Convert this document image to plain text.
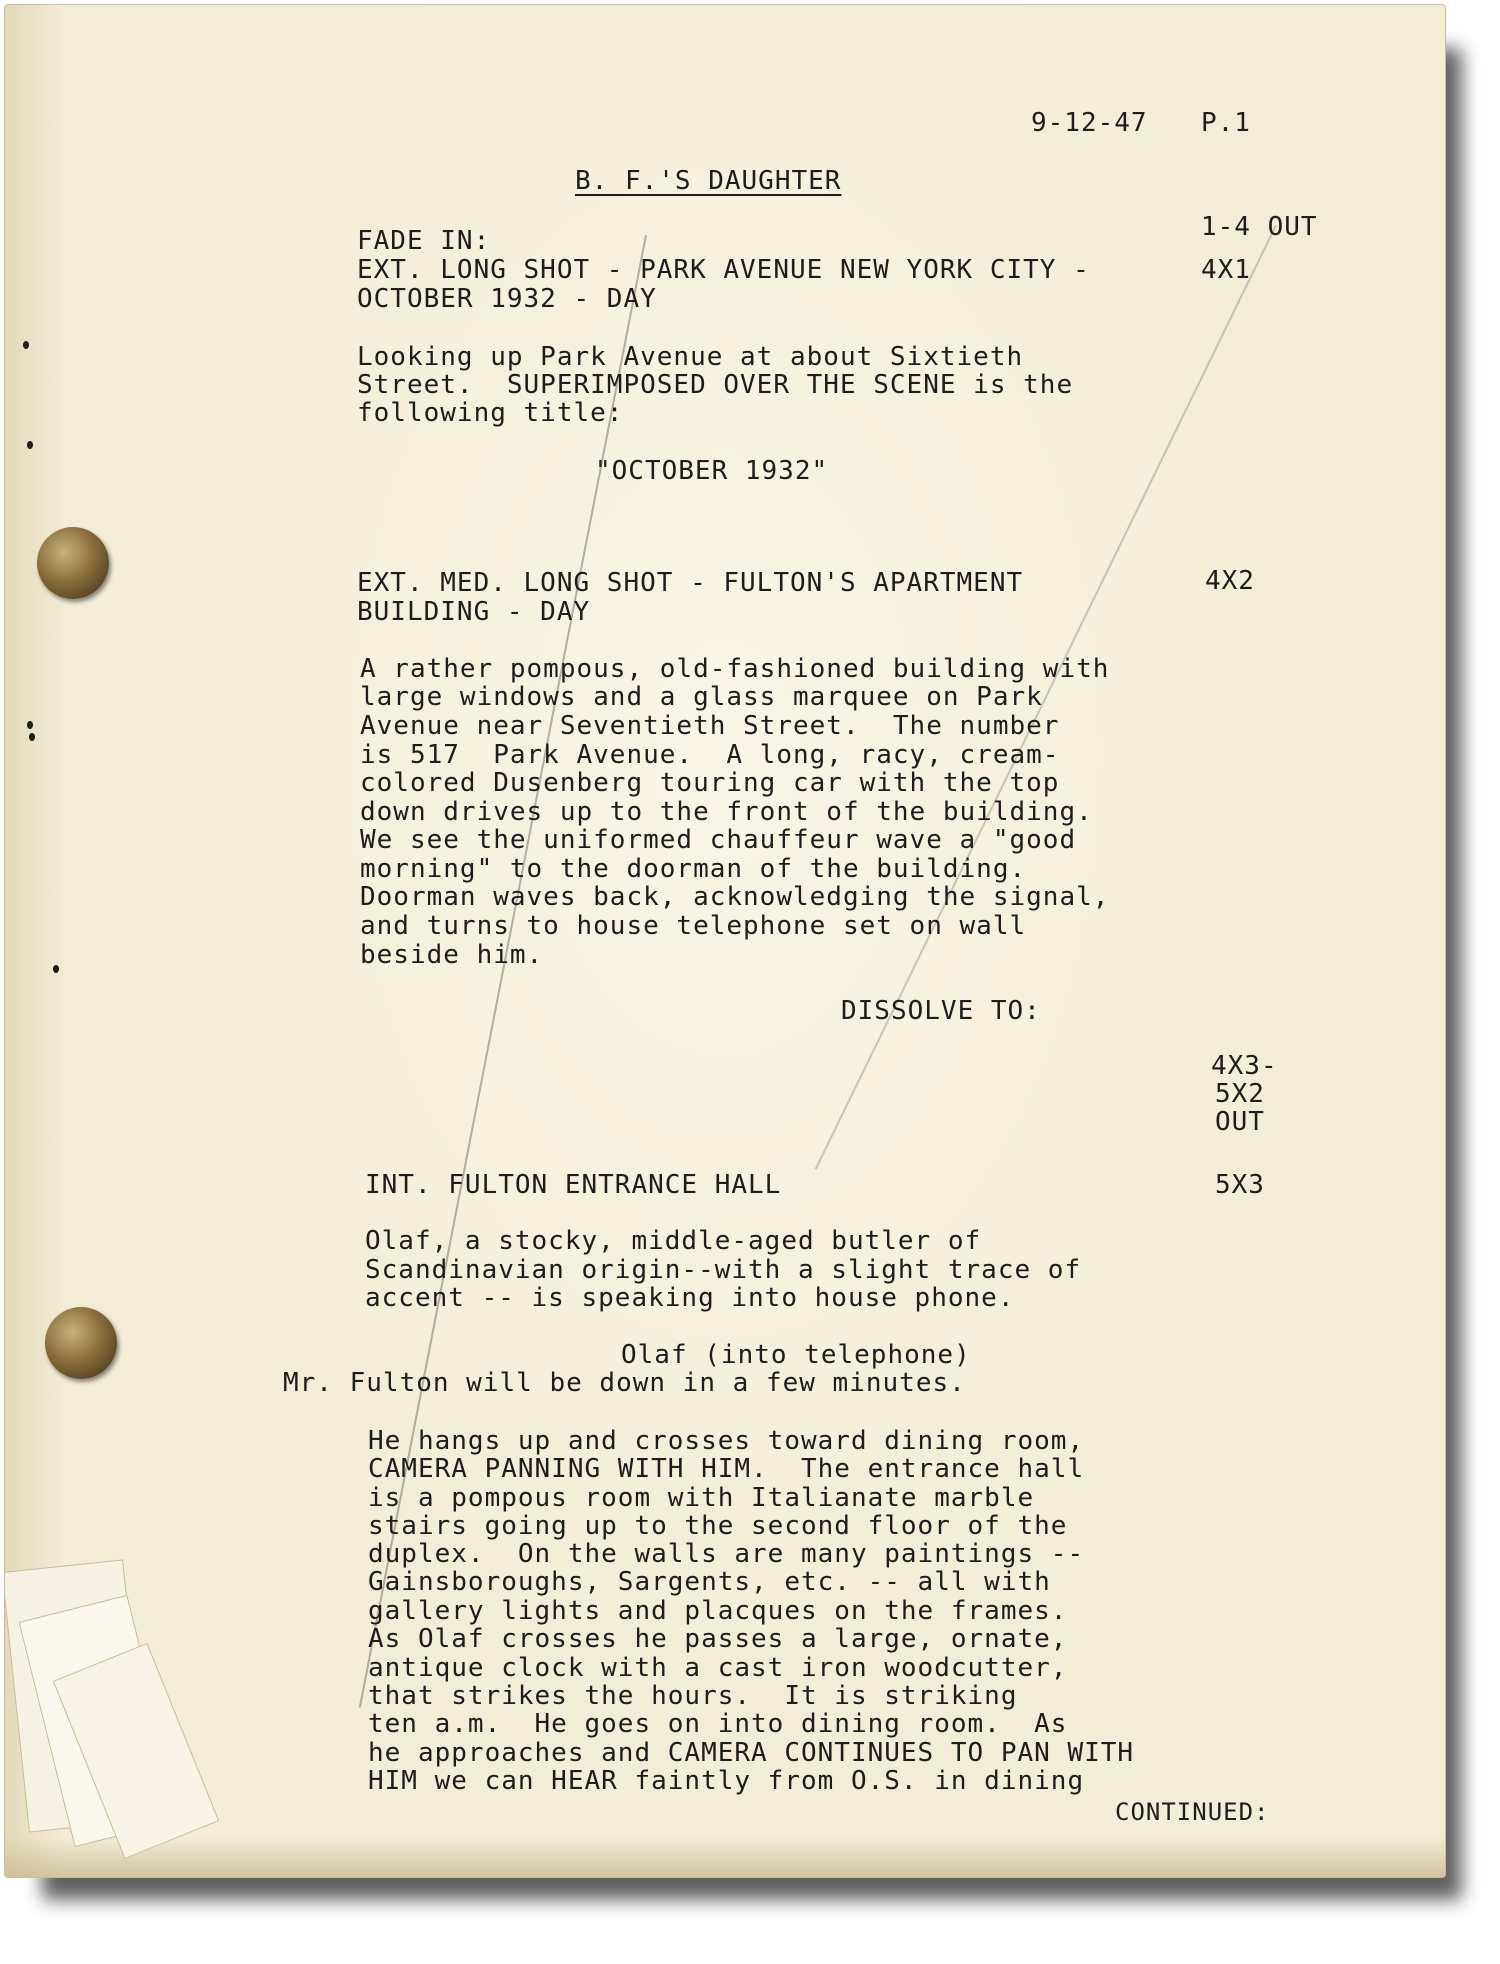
9-12-47 P.1

B. F.'S DAUGHTER

FADE IN:	1-4 OUT

EXT. LONG SHOT - PARK AVENUE NEW YORK CITY -	4X1

OCTOBER 1932 - DAY

Looking up Park Avenue at about Sixtieth

Street.  SUPERIMPOSED OVER THE SCENE is the

following title:

"OCTOBER 1932"

EXT. MED. LONG SHOT - FULTON'S APARTMENT	4X2

BUILDING - DAY

A rather pompous, old-fashioned building with

large windows and a glass marquee on Park

Avenue near Seventieth Street.  The number

is 517  Park Avenue.  A long, racy, cream-

colored Dusenberg touring car with the top

down drives up to the front of the building.

We see the uniformed chauffeur wave a "good

morning" to the doorman of the building.

Doorman waves back, acknowledging the signal,

and turns to house telephone set on wall

beside him.

DISSOLVE TO:

4X3-

5X2

OUT

INT. FULTON ENTRANCE HALL	5X3

Olaf, a stocky, middle-aged butler of

Scandinavian origin--with a slight trace of

accent -- is speaking into house phone.

Olaf (into telephone)

Mr. Fulton will be down in a few minutes.

He hangs up and crosses toward dining room,

CAMERA PANNING WITH HIM.  The entrance hall

is a pompous room with Italianate marble

stairs going up to the second floor of the

duplex.  On the walls are many paintings --

Gainsboroughs, Sargents, etc. -- all with

gallery lights and placques on the frames.

As Olaf crosses he passes a large, ornate,

antique clock with a cast iron woodcutter,

that strikes the hours.  It is striking

ten a.m.  He goes on into dining room.  As

he approaches and CAMERA CONTINUES TO PAN WITH

HIM we can HEAR faintly from O.S. in dining

CONTINUED:
